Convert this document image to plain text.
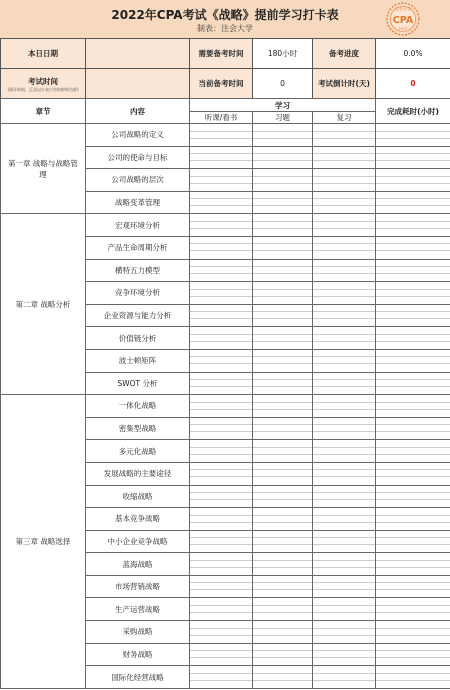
2022年CPA考试《战略》提前学习打卡表
制表：注会大学
注会大学
CPA
2022
本日日期		需要备考时间	180小时	备考进度	0.0%
考试时间
(预计时间，正式以公布公告的时间为准)		当前备考时间	0	考试倒计时(天)	0
章节	内容	学习			完成耗时(小时)
		听课/看书	习题	复习	
第一章 战略与战略管理	公司战略的定义				
	公司的使命与目标				
	公司战略的层次				
	战略变革管理				
第二章 战略分析	宏观环境分析				
	产品生命周期分析				
	横特五力模型				
	竞争环境分析				
	企业资源与能力分析				
	价值链分析				
	波士顿矩阵				
	SWOT 分析				
第三章 战略选择	一体化战略				
	密集型战略				
	多元化战略				
	发展战略的主要途径				
	收缩战略				
	基本竞争战略				
	中小企业竞争战略				
	蓝海战略				
	市场营销战略				
	生产运营战略				
	采购战略				
	财务战略				
	国际化经营战略				
